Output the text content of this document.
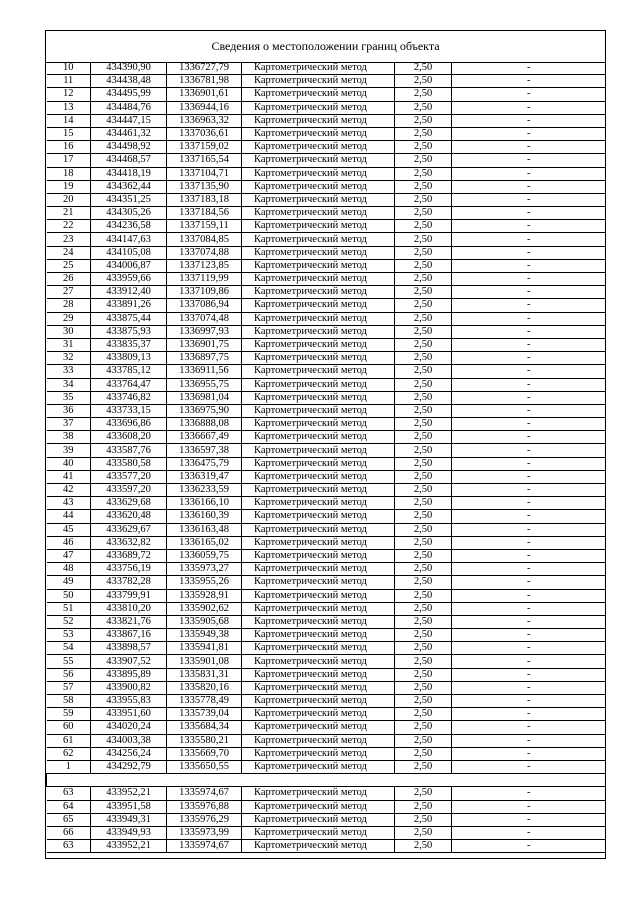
Сведения о местоположении границ объекта
10	434390,90	1336727,79	Картометрический метод	2,50	-
11	434438,48	1336781,98	Картометрический метод	2,50	-
12	434495,99	1336901,61	Картометрический метод	2,50	-
13	434484,76	1336944,16	Картометрический метод	2,50	-
14	434447,15	1336963,32	Картометрический метод	2,50	-
15	434461,32	1337036,61	Картометрический метод	2,50	-
16	434498,92	1337159,02	Картометрический метод	2,50	-
17	434468,57	1337165,54	Картометрический метод	2,50	-
18	434418,19	1337104,71	Картометрический метод	2,50	-
19	434362,44	1337135,90	Картометрический метод	2,50	-
20	434351,25	1337183,18	Картометрический метод	2,50	-
21	434305,26	1337184,56	Картометрический метод	2,50	-
22	434236,58	1337159,11	Картометрический метод	2,50	-
23	434147,63	1337084,85	Картометрический метод	2,50	-
24	434105,08	1337074,88	Картометрический метод	2,50	-
25	434006,87	1337123,85	Картометрический метод	2,50	-
26	433959,66	1337119,99	Картометрический метод	2,50	-
27	433912,40	1337109,86	Картометрический метод	2,50	-
28	433891,26	1337086,94	Картометрический метод	2,50	-
29	433875,44	1337074,48	Картометрический метод	2,50	-
30	433875,93	1336997,93	Картометрический метод	2,50	-
31	433835,37	1336901,75	Картометрический метод	2,50	-
32	433809,13	1336897,75	Картометрический метод	2,50	-
33	433785,12	1336911,56	Картометрический метод	2,50	-
34	433764,47	1336955,75	Картометрический метод	2,50	-
35	433746,82	1336981,04	Картометрический метод	2,50	-
36	433733,15	1336975,90	Картометрический метод	2,50	-
37	433696,86	1336888,08	Картометрический метод	2,50	-
38	433608,20	1336667,49	Картометрический метод	2,50	-
39	433587,76	1336597,38	Картометрический метод	2,50	-
40	433580,58	1336475,79	Картометрический метод	2,50	-
41	433577,20	1336319,47	Картометрический метод	2,50	-
42	433597,20	1336233,59	Картометрический метод	2,50	-
43	433629,68	1336166,10	Картометрический метод	2,50	-
44	433620,48	1336160,39	Картометрический метод	2,50	-
45	433629,67	1336163,48	Картометрический метод	2,50	-
46	433632,82	1336165,02	Картометрический метод	2,50	-
47	433689,72	1336059,75	Картометрический метод	2,50	-
48	433756,19	1335973,27	Картометрический метод	2,50	-
49	433782,28	1335955,26	Картометрический метод	2,50	-
50	433799,91	1335928,91	Картометрический метод	2,50	-
51	433810,20	1335902,62	Картометрический метод	2,50	-
52	433821,76	1335905,68	Картометрический метод	2,50	-
53	433867,16	1335949,38	Картометрический метод	2,50	-
54	433898,57	1335941,81	Картометрический метод	2,50	-
55	433907,52	1335901,08	Картометрический метод	2,50	-
56	433895,89	1335831,31	Картометрический метод	2,50	-
57	433900,82	1335820,16	Картометрический метод	2,50	-
58	433955,83	1335778,49	Картометрический метод	2,50	-
59	433951,60	1335739,04	Картометрический метод	2,50	-
60	434020,24	1335684,34	Картометрический метод	2,50	-
61	434003,38	1335580,21	Картометрический метод	2,50	-
62	434256,24	1335669,70	Картометрический метод	2,50	-
1	434292,79	1335650,55	Картометрический метод	2,50	-

63	433952,21	1335974,67	Картометрический метод	2,50	-
64	433951,58	1335976,88	Картометрический метод	2,50	-
65	433949,31	1335976,29	Картометрический метод	2,50	-
66	433949,93	1335973,99	Картометрический метод	2,50	-
63	433952,21	1335974,67	Картометрический метод	2,50	-
